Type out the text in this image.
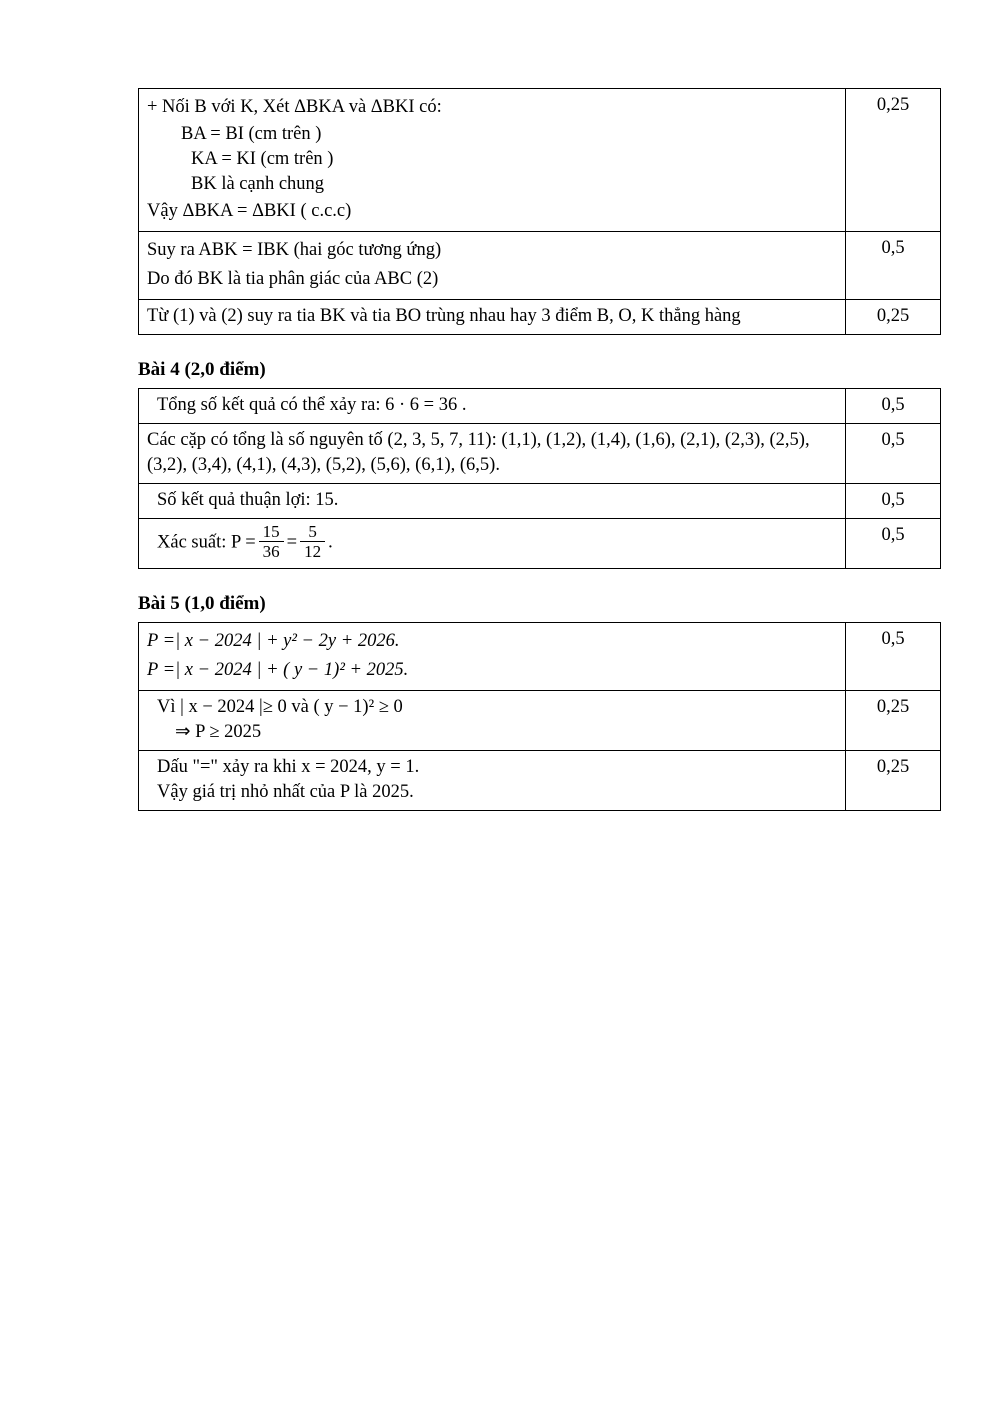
+ Nối B với K, Xét ΔBKA và ΔBKI có:
BA = BI (cm trên )
KA = KI (cm trên )
BK là cạnh chung
Vậy ΔBKA = ΔBKI ( c.c.c)	0,25

Suy ra ABK = IBK (hai góc tương ứng)
Do đó BK là tia phân giác của ABC (2)	0,5
Từ (1) và (2) suy ra tia BK và tia BO trùng nhau hay 3 điểm B, O, K thẳng hàng	0,25
Bài 4 (2,0 điểm)
Tổng số kết quả có thể xảy ra: 6 · 6 = 36 .	0,5
Các cặp có tổng là số nguyên tố (2, 3, 5, 7, 11): (1,1), (1,2), (1,4), (1,6), (2,1), (2,3), (2,5), (3,2), (3,4), (4,1), (4,3), (5,2), (5,6), (6,1), (6,5).	0,5

Số kết quả thuận lợi: 15.	0,5

Xác suất: $P = \frac{15}{36} = \frac{5}{12}$ .	0,5
Bài 5 (1,0 điểm)
P =| x − 2024 | + y² − 2y + 2026.
P =| x − 2024 | + ( y − 1)² + 2025.	0,5

Vì | x − 2024 |≥ 0 và ( y − 1)² ≥ 0
⇒ P ≥ 2025	0,25

Dấu "=" xảy ra khi x = 2024, y = 1.
Vậy giá trị nhỏ nhất của P là 2025.	0,25
